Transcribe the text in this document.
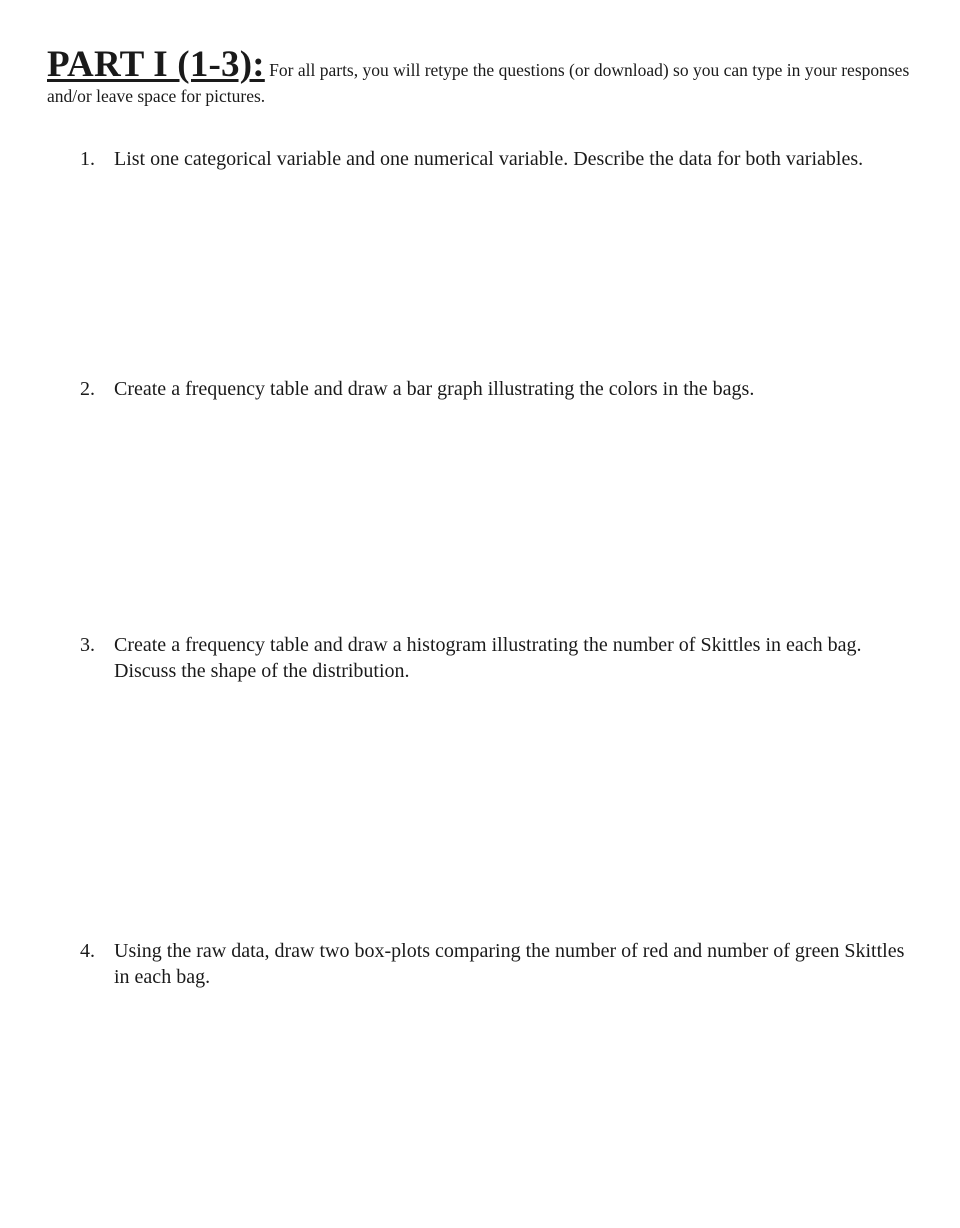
PART I (1-3): For all parts, you will retype the questions (or download) so you can type in your responses and/or leave space for pictures.
1. List one categorical variable and one numerical variable. Describe the data for both variables.
2. Create a frequency table and draw a bar graph illustrating the colors in the bags.
3. Create a frequency table and draw a histogram illustrating the number of Skittles in each bag. Discuss the shape of the distribution.
4. Using the raw data, draw two box-plots comparing the number of red and number of green Skittles in each bag.
